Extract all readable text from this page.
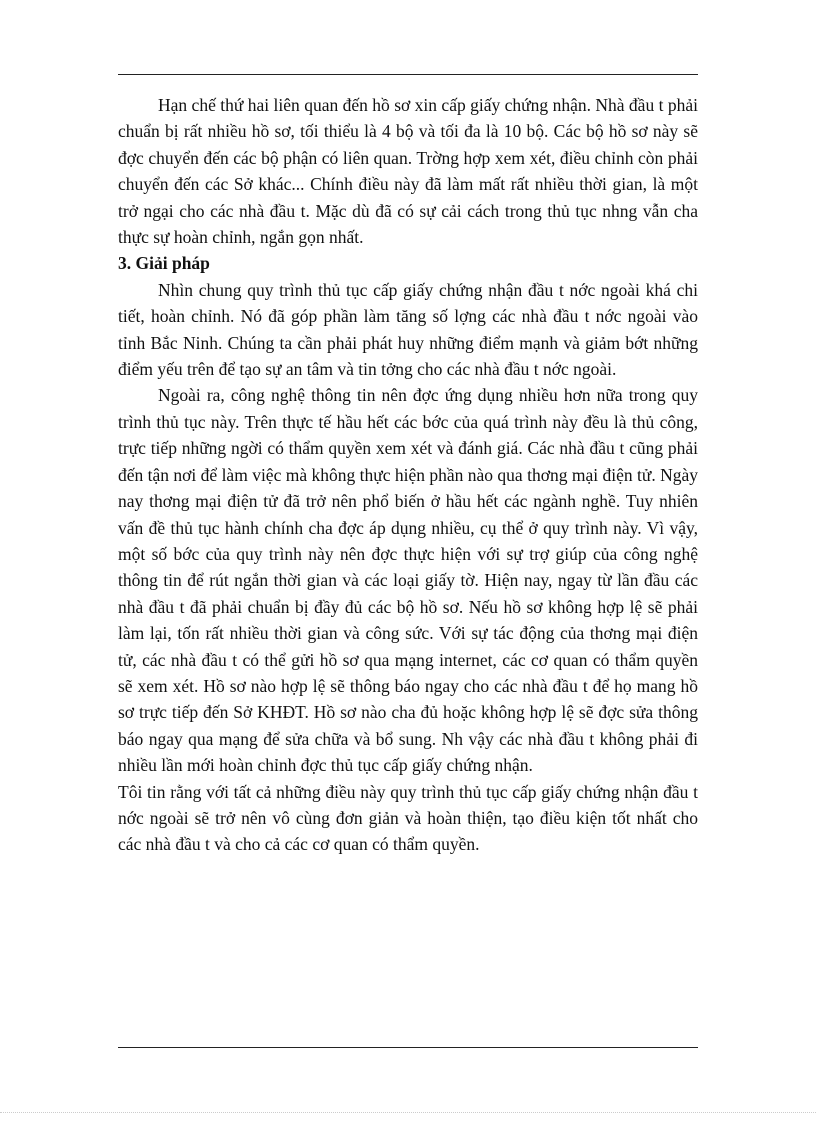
Hạn chế thứ hai liên quan đến hồ sơ xin cấp giấy chứng nhận. Nhà đầu t phải chuẩn bị rất nhiều hồ sơ, tối thiểu là 4 bộ và tối đa là 10 bộ. Các bộ hồ sơ này sẽ đợc chuyển đến các bộ phận có liên quan. Trờng hợp xem xét, điều chỉnh còn phải chuyển đến các Sở khác... Chính điều này đã làm mất rất nhiều thời gian, là một trở ngại cho các nhà đầu t. Mặc dù đã có sự cải cách trong thủ tục nhng vẫn cha thực sự hoàn chỉnh, ngắn gọn nhất.

3. Giải pháp

Nhìn chung quy trình thủ tục cấp giấy chứng nhận đầu t nớc ngoài khá chi tiết, hoàn chỉnh. Nó đã góp phần làm tăng số lợng các nhà đầu t nớc ngoài vào tỉnh Bắc Ninh. Chúng ta cần phải phát huy những điểm mạnh và giảm bớt những điểm yếu trên để tạo sự an tâm và tin tởng cho các nhà đầu t nớc ngoài.

Ngoài ra, công nghệ thông tin nên đợc ứng dụng nhiều hơn nữa trong quy trình thủ tục này. Trên thực tế hầu hết các bớc của quá trình này đều là thủ công, trực tiếp những ngời có thẩm quyền xem xét và đánh giá. Các nhà đầu t cũng phải đến tận nơi để làm việc mà không thực hiện phần nào qua thơng mại điện tử. Ngày nay thơng mại điện tử đã trở nên phổ biến ở hầu hết các ngành nghề. Tuy nhiên vấn đề thủ tục hành chính cha đợc áp dụng nhiều, cụ thể ở quy trình này. Vì vậy, một số bớc của quy trình này nên đợc thực hiện với sự trợ giúp của công nghệ thông tin để rút ngắn thời gian và các loại giấy tờ. Hiện nay, ngay từ lần đầu các nhà đầu t đã phải chuẩn bị đầy đủ các bộ hồ sơ. Nếu hồ sơ không hợp lệ sẽ phải làm lại, tốn rất nhiều thời gian và công sức. Với sự tác động của thơng mại điện tử, các nhà đầu t có thể gửi hồ sơ qua mạng internet, các cơ quan có thẩm quyền sẽ xem xét. Hồ sơ nào hợp lệ sẽ thông báo ngay cho các nhà đầu t để họ mang hồ sơ trực tiếp đến Sở KHĐT. Hồ sơ nào cha đủ hoặc không hợp lệ sẽ đợc sửa thông báo ngay qua mạng để sửa chữa và bổ sung. Nh vậy các nhà đầu t không phải đi nhiều lần mới hoàn chỉnh đợc thủ tục cấp giấy chứng nhận.

Tôi tin rằng với tất cả những điều này quy trình thủ tục cấp giấy chứng nhận đầu t nớc ngoài sẽ trở nên vô cùng đơn giản và hoàn thiện, tạo điều kiện tốt nhất cho các nhà đầu t và cho cả các cơ quan có thẩm quyền.
